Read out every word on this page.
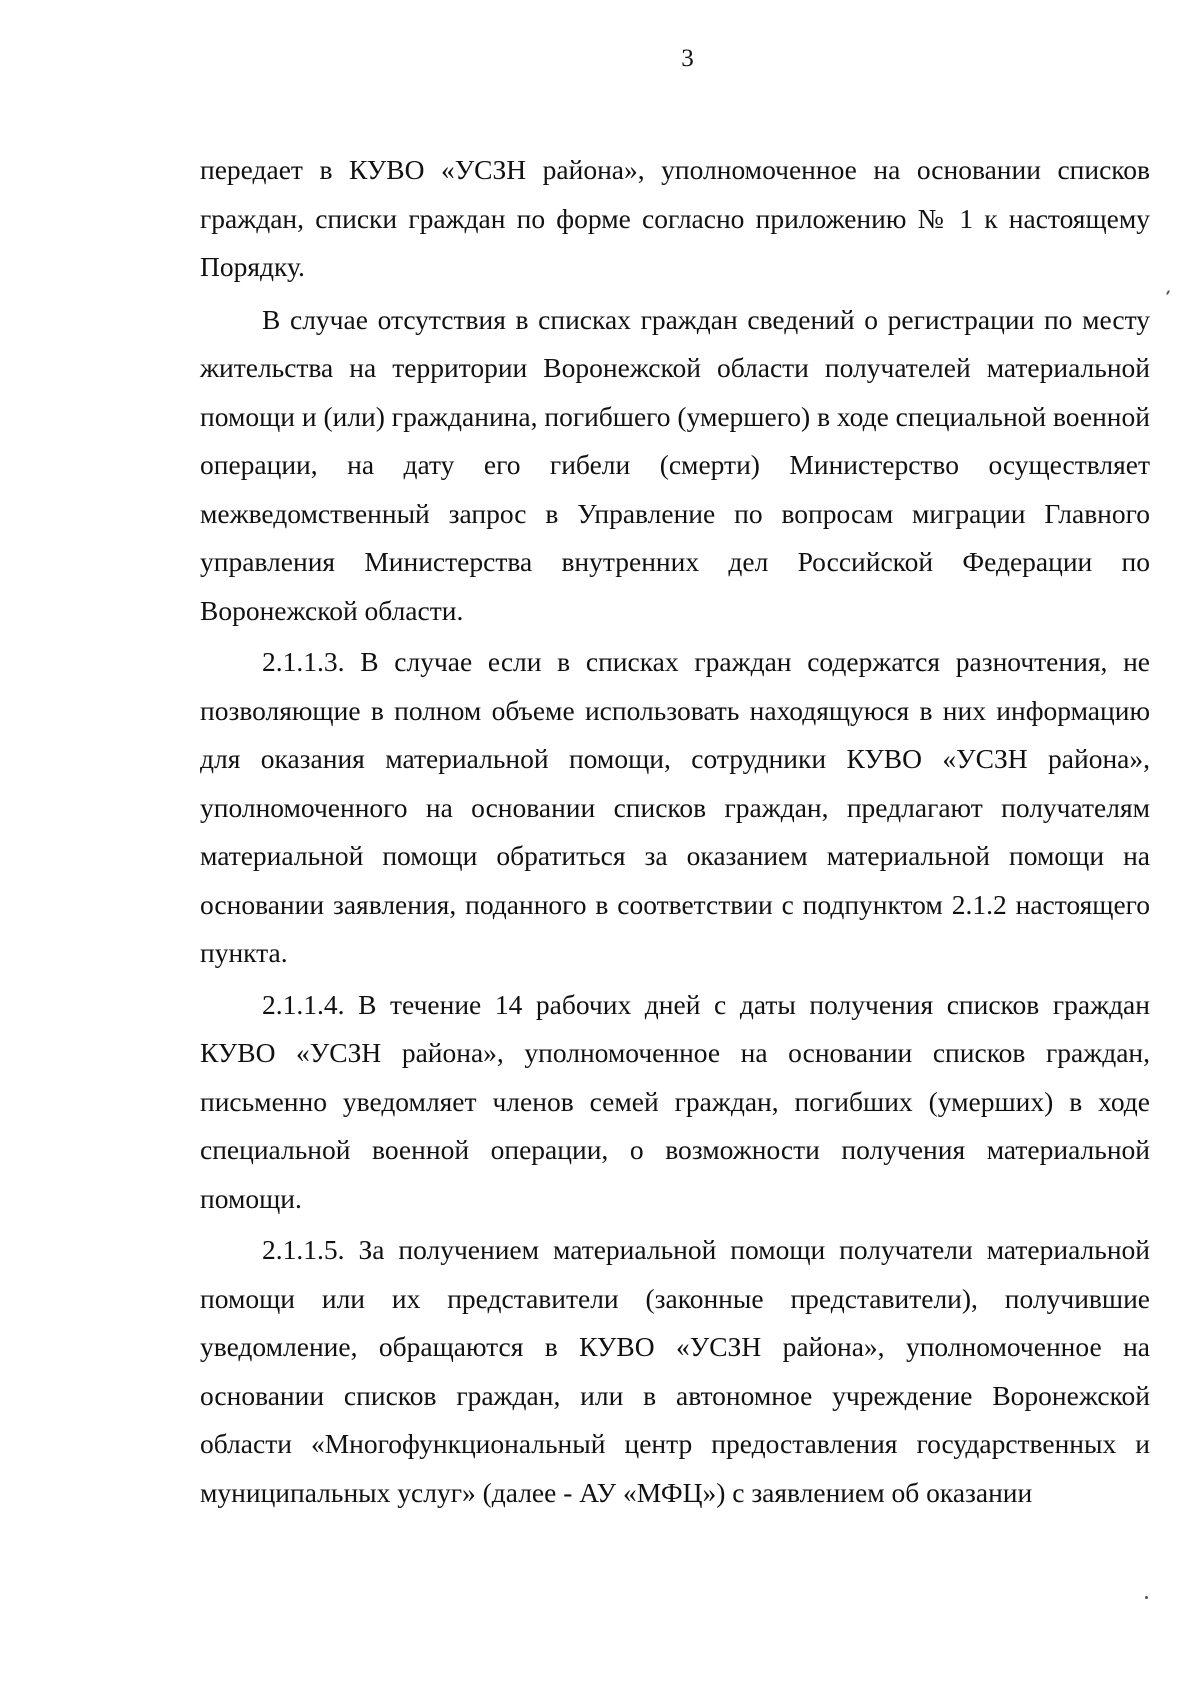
3

передает в КУВО «УСЗН района», уполномоченное на основании списков граждан, списки граждан по форме согласно приложению № 1 к настоящему Порядку.

В случае отсутствия в списках граждан сведений о регистрации по месту жительства на территории Воронежской области получателей материальной помощи и (или) гражданина, погибшего (умершего) в ходе специальной военной операции, на дату его гибели (смерти) Министерство осуществляет межведомственный запрос в Управление по вопросам миграции Главного управления Министерства внутренних дел Российской Федерации по Воронежской области.

2.1.1.3. В случае если в списках граждан содержатся разночтения, не позволяющие в полном объеме использовать находящуюся в них информацию для оказания материальной помощи, сотрудники КУВО «УСЗН района», уполномоченного на основании списков граждан, предлагают получателям материальной помощи обратиться за оказанием материальной помощи на основании заявления, поданного в соответствии с подпунктом 2.1.2 настоящего пункта.

2.1.1.4. В течение 14 рабочих дней с даты получения списков граждан КУВО «УСЗН района», уполномоченное на основании списков граждан, письменно уведомляет членов семей граждан, погибших (умерших) в ходе специальной военной операции, о возможности получения материальной помощи.

2.1.1.5. За получением материальной помощи получатели материальной помощи или их представители (законные представители), получившие уведомление, обращаются в КУВО «УСЗН района», уполномоченное на основании списков граждан, или в автономное учреждение Воронежской области «Многофункциональный центр предоставления государственных и муниципальных услуг» (далее - АУ «МФЦ») с заявлением об оказании
